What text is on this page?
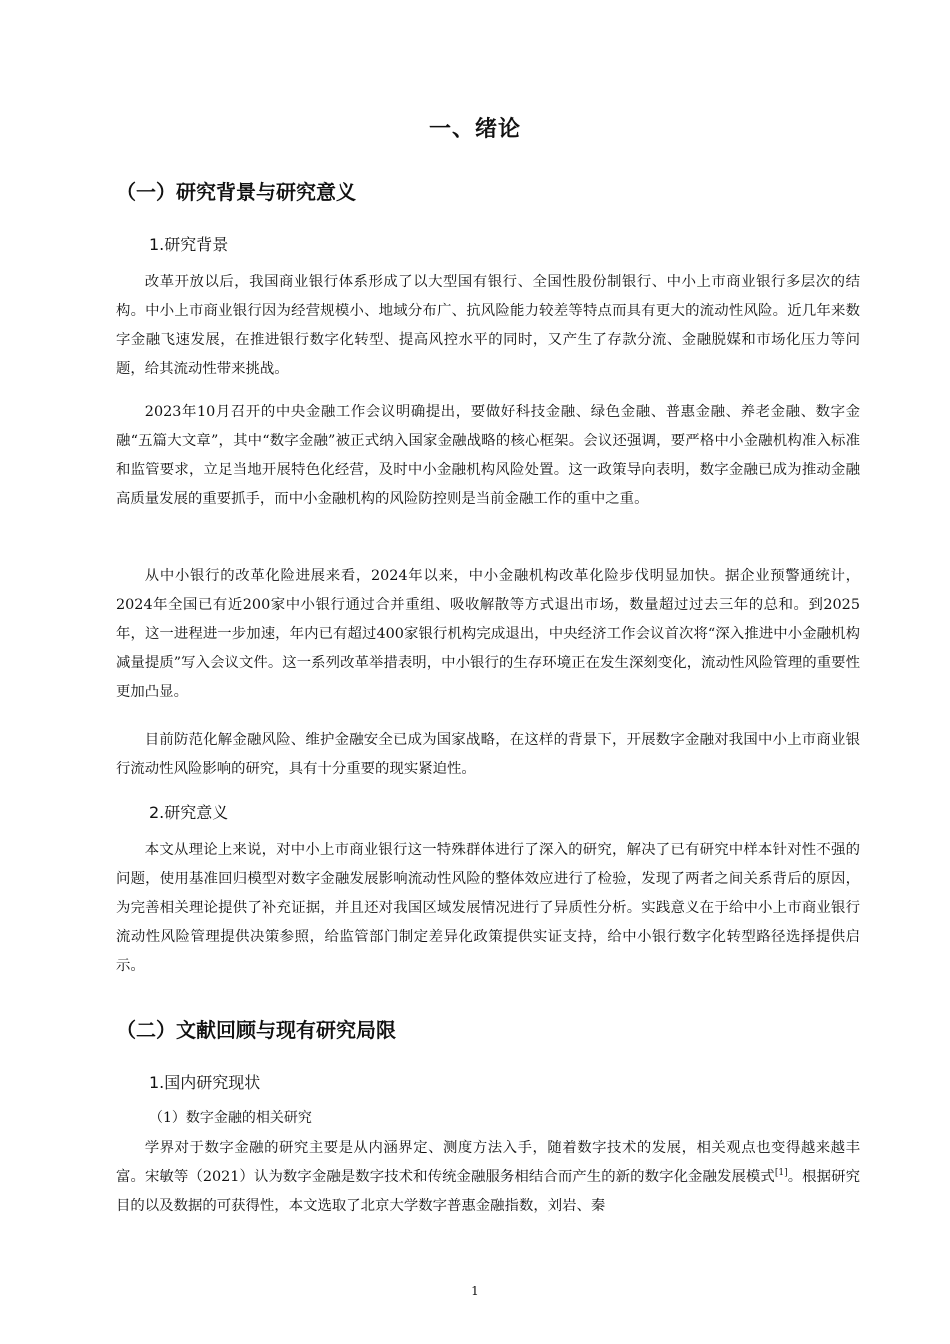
一、绪论
（一）研究背景与研究意义
1.研究背景

改革开放以后，我国商业银行体系形成了以大型国有银行、全国性股份制银行、中小上市商业银行多层次的结构。中小上市商业银行因为经营规模小、地域分布广、抗风险能力较差等特点而具有更大的流动性风险。近几年来数字金融飞速发展，在推进银行数字化转型、提高风控水平的同时，又产生了存款分流、金融脱媒和市场化压力等问题，给其流动性带来挑战。

2023年10月召开的中央金融工作会议明确提出，要做好科技金融、绿色金融、普惠金融、养老金融、数字金融“五篇大文章”，其中“数字金融”被正式纳入国家金融战略的核心框架。会议还强调，要严格中小金融机构准入标准和监管要求，立足当地开展特色化经营，及时中小金融机构风险处置。这一政策导向表明，数字金融已成为推动金融高质量发展的重要抓手，而中小金融机构的风险防控则是当前金融工作的重中之重。

从中小银行的改革化险进展来看，2024年以来，中小金融机构改革化险步伐明显加快。据企业预警通统计，2024年全国已有近200家中小银行通过合并重组、吸收解散等方式退出市场，数量超过过去三年的总和。到2025年，这一进程进一步加速，年内已有超过400家银行机构完成退出，中央经济工作会议首次将“深入推进中小金融机构减量提质”写入会议文件。这一系列改革举措表明，中小银行的生存环境正在发生深刻变化，流动性风险管理的重要性更加凸显。

目前防范化解金融风险、维护金融安全已成为国家战略，在这样的背景下，开展数字金融对我国中小上市商业银行流动性风险影响的研究，具有十分重要的现实紧迫性。

2.研究意义

本文从理论上来说，对中小上市商业银行这一特殊群体进行了深入的研究，解决了已有研究中样本针对性不强的问题，使用基准回归模型对数字金融发展影响流动性风险的整体效应进行了检验，发现了两者之间关系背后的原因，为完善相关理论提供了补充证据，并且还对我国区域发展情况进行了异质性分析。实践意义在于给中小上市商业银行流动性风险管理提供决策参照，给监管部门制定差异化政策提供实证支持，给中小银行数字化转型路径选择提供启示。

（二）文献回顾与现有研究局限
1.国内研究现状
（1）数字金融的相关研究

学界对于数字金融的研究主要是从内涵界定、测度方法入手，随着数字技术的发展，相关观点也变得越来越丰富。宋敏等（2021）认为数字金融是数字技术和传统金融服务相结合而产生的新的数字化金融发展模式[1]。根据研究目的以及数据的可获得性，本文选取了北京大学数字普惠金融指数，刘岩、秦

1
